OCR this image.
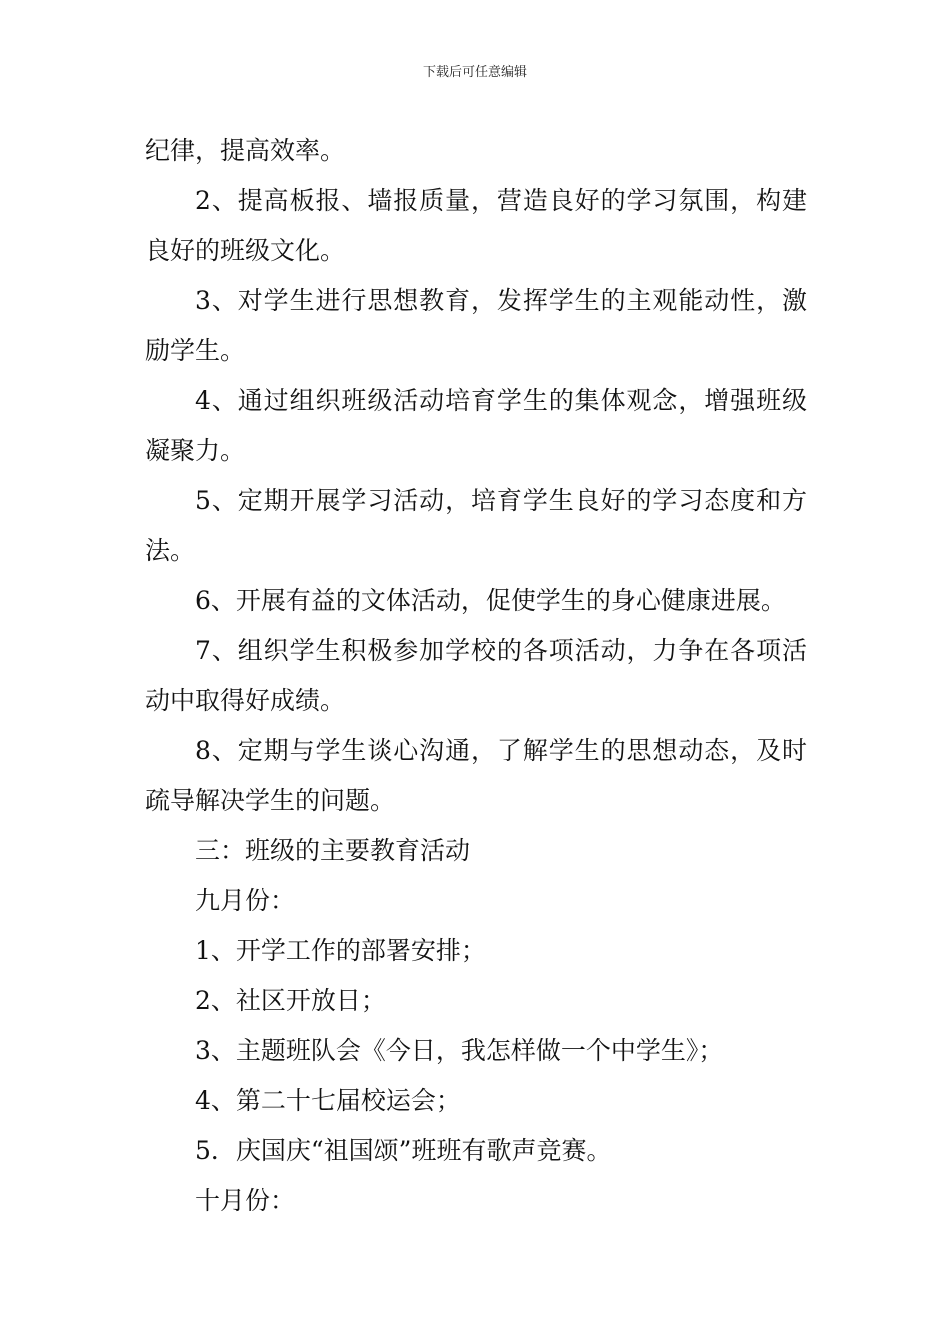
下载后可任意编辑

纪律，提高效率。

2、提高板报、墙报质量，营造良好的学习氛围，构建良好的班级文化。

3、对学生进行思想教育，发挥学生的主观能动性，激励学生。

4、通过组织班级活动培育学生的集体观念，增强班级凝聚力。

5、定期开展学习活动，培育学生良好的学习态度和方法。

6、开展有益的文体活动，促使学生的身心健康进展。

7、组织学生积极参加学校的各项活动，力争在各项活动中取得好成绩。

8、定期与学生谈心沟通，了解学生的思想动态，及时疏导解决学生的问题。

三：班级的主要教育活动

九月份：

1、开学工作的部署安排；

2、社区开放日；

3、主题班队会《今日，我怎样做一个中学生》；

4、第二十七届校运会；

5．庆国庆“祖国颂”班班有歌声竞赛。

十月份：
